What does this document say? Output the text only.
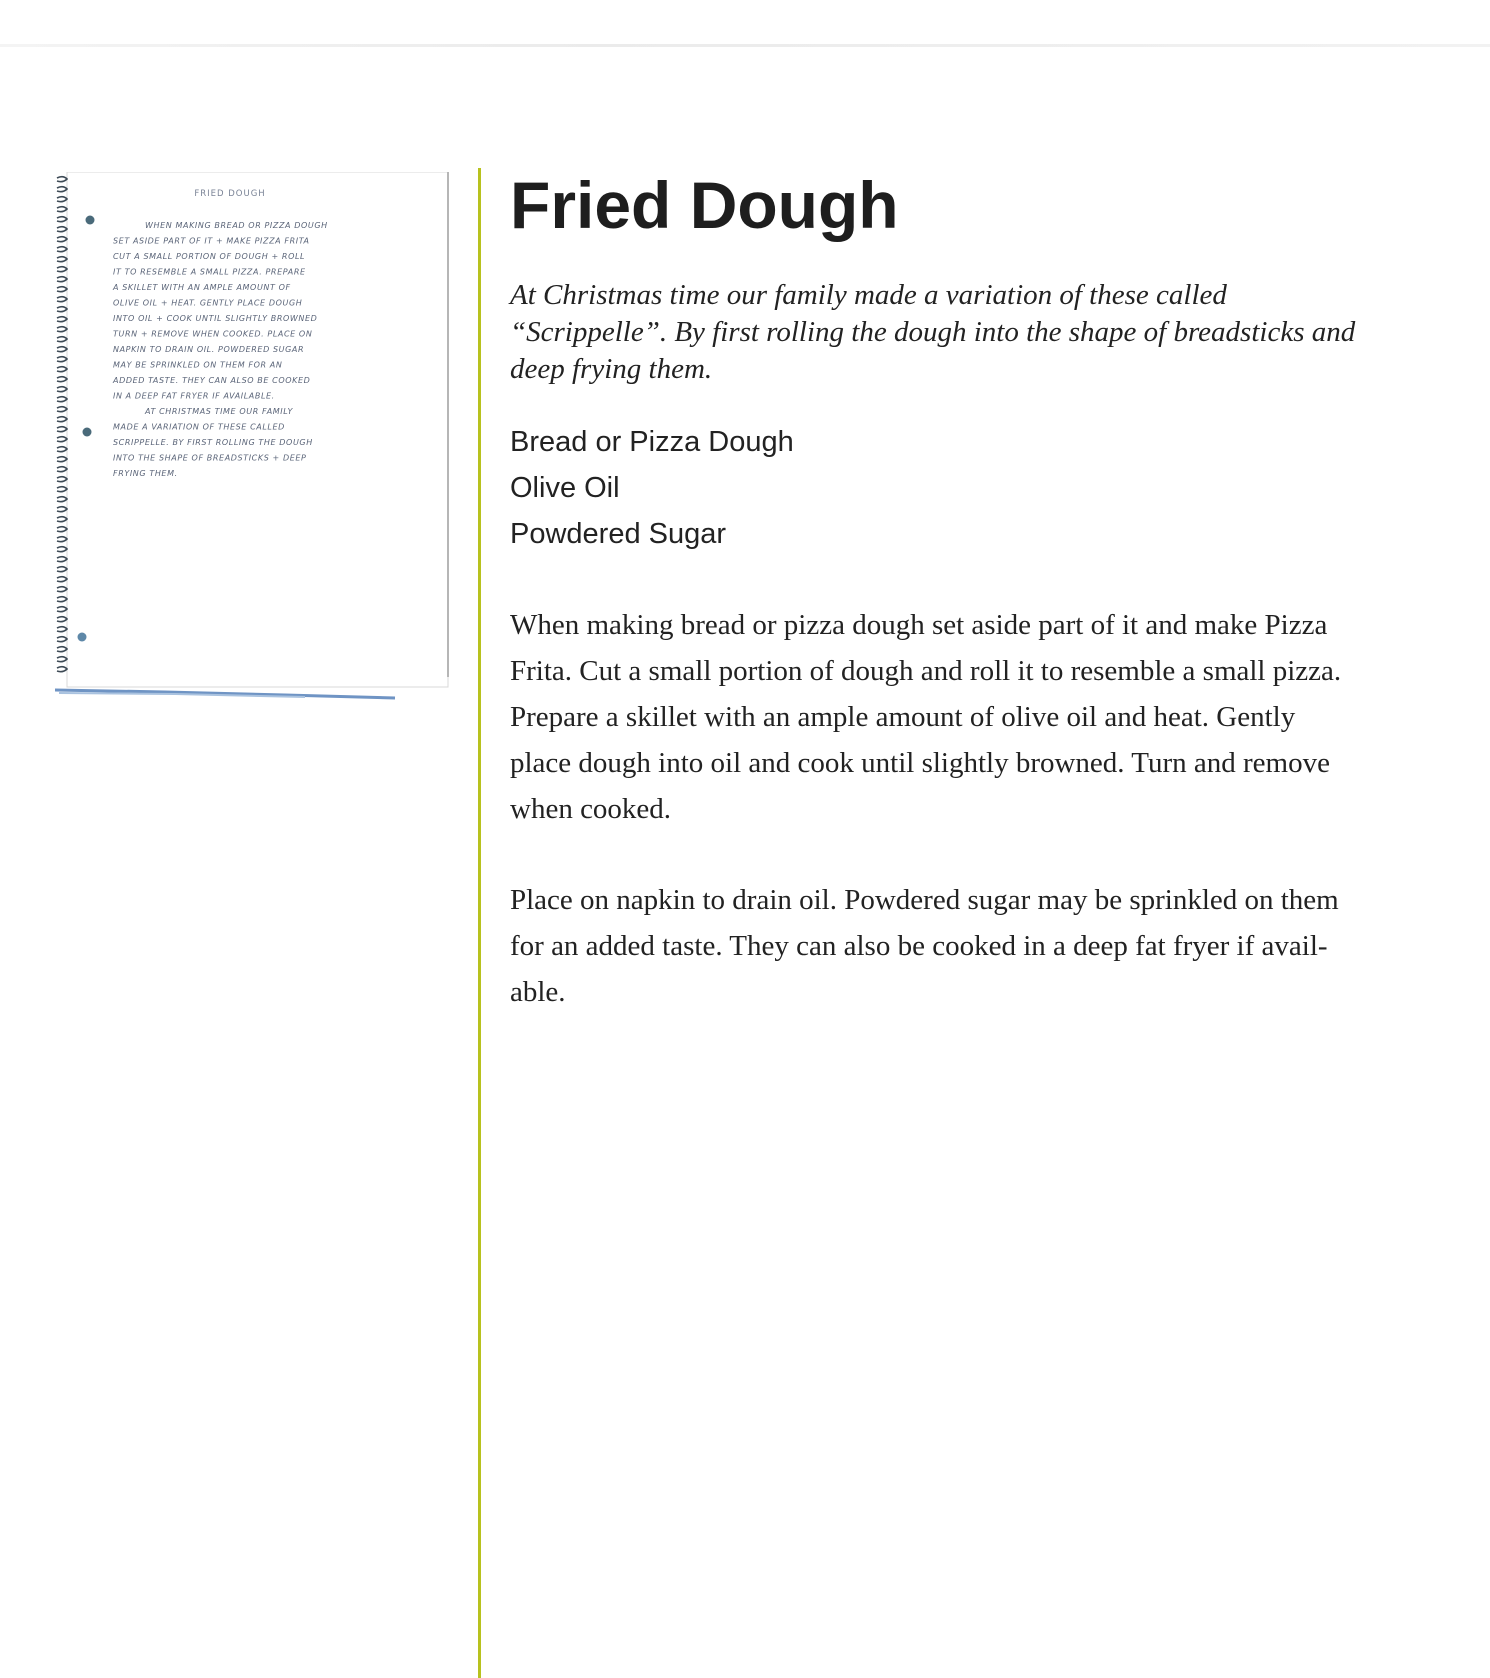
FRIED DOUGH
WHEN MAKING BREAD OR PIZZA DOUGH
SET ASIDE PART OF IT + MAKE PIZZA FRITA
CUT A SMALL PORTION OF DOUGH + ROLL
IT TO RESEMBLE A SMALL PIZZA. PREPARE
A SKILLET WITH AN AMPLE AMOUNT OF
OLIVE OIL + HEAT. GENTLY PLACE DOUGH
INTO OIL + COOK UNTIL SLIGHTLY BROWNED
TURN + REMOVE WHEN COOKED. PLACE ON
NAPKIN TO DRAIN OIL. POWDERED SUGAR
MAY BE SPRINKLED ON THEM FOR AN
ADDED TASTE. THEY CAN ALSO BE COOKED
IN A DEEP FAT FRYER IF AVAILABLE.
AT CHRISTMAS TIME OUR FAMILY
MADE A VARIATION OF THESE CALLED
SCRIPPELLE. BY FIRST ROLLING THE DOUGH
INTO THE SHAPE OF BREADSTICKS + DEEP
FRYING THEM.
Fried Dough

At Christmas time our family made a variation of these called
“Scrippelle”. By first rolling the dough into the shape of breadsticks and
deep frying them.

Bread or Pizza Dough
Olive Oil
Powdered Sugar

When making bread or pizza dough set aside part of it and make Pizza
Frita. Cut a small portion of dough and roll it to resemble a small pizza.
Prepare a skillet with an ample amount of olive oil and heat. Gently
place dough into oil and cook until slightly browned. Turn and remove
when cooked.

Place on napkin to drain oil. Powdered sugar may be sprinkled on them
for an added taste. They can also be cooked in a deep fat fryer if avail-
able.
